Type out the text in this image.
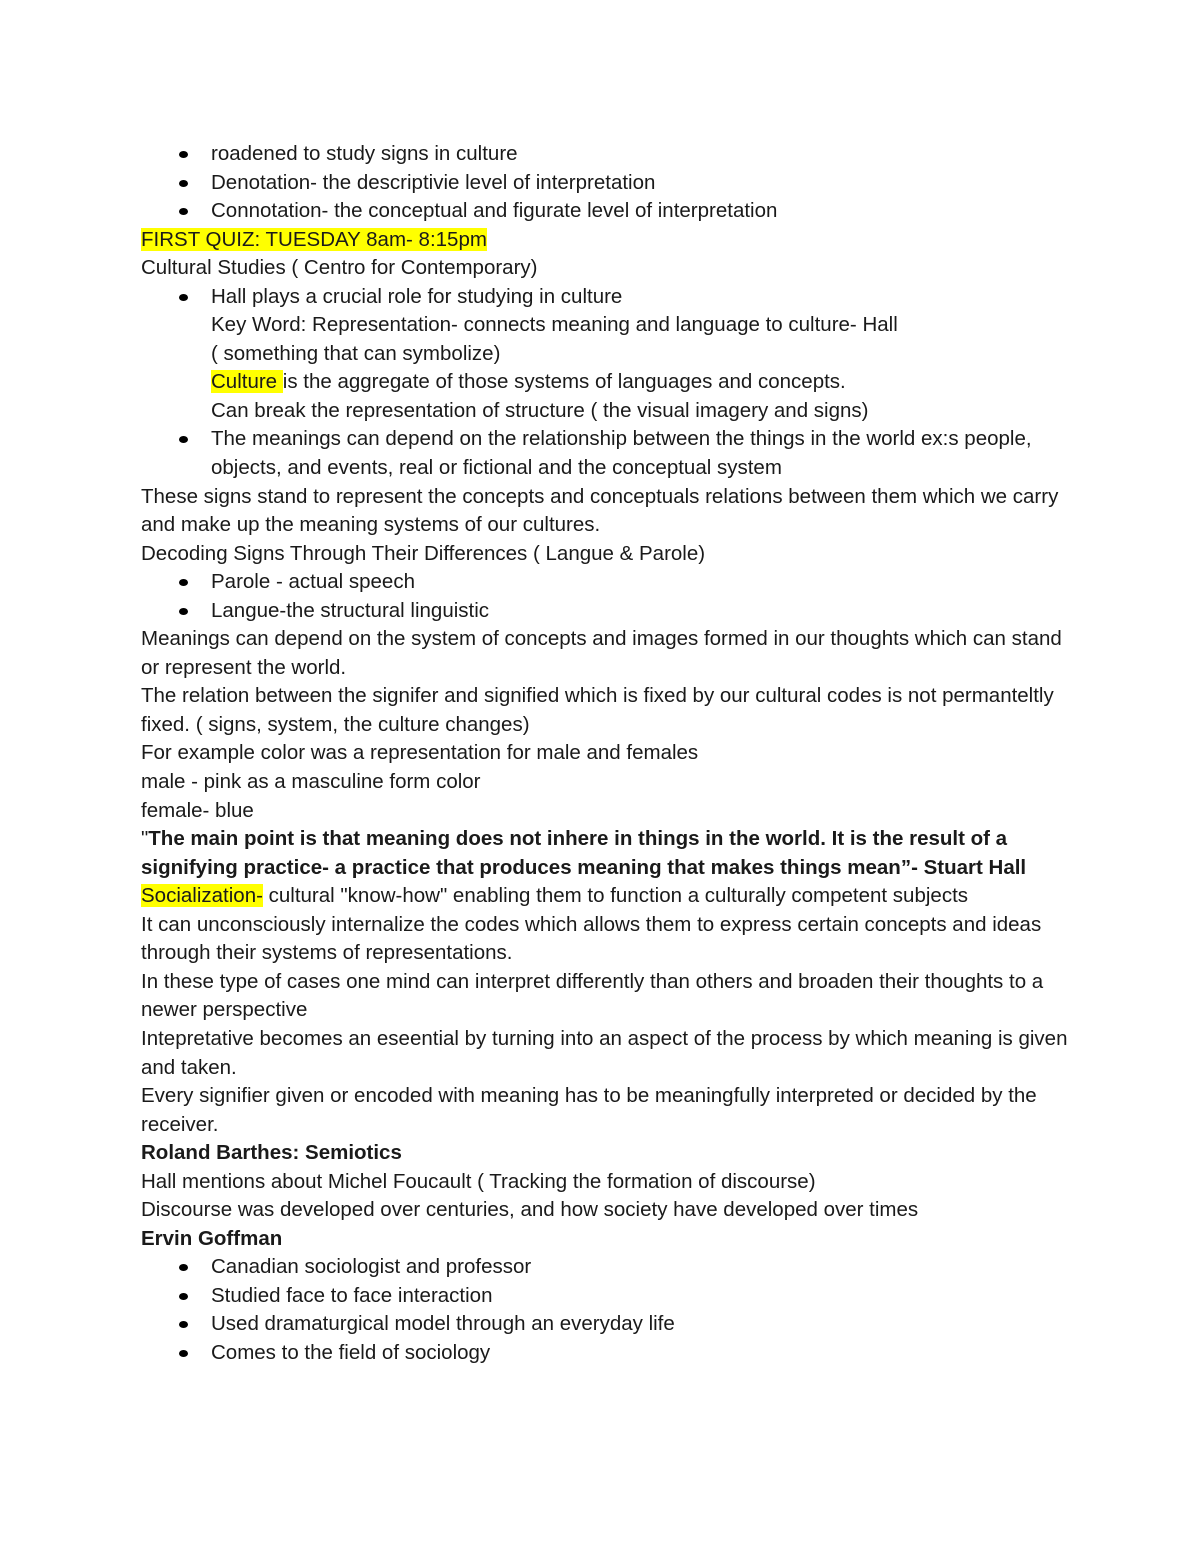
roadened to study signs in culture
Denotation- the descriptivie level of interpretation
Connotation- the conceptual and figurate level of interpretation
FIRST QUIZ: TUESDAY 8am- 8:15pm
Cultural Studies ( Centro for Contemporary)
Hall plays a crucial role for studying in culture
Key Word: Representation- connects meaning and language to culture- Hall
( something that can symbolize)
Culture is the aggregate of those systems of languages and concepts.
Can break the representation of structure ( the visual imagery and signs)
The meanings can depend on the relationship between the things in the world ex:s people, objects, and events, real or fictional and the conceptual system
These signs stand to represent the concepts and conceptuals relations between them which we carry and make up the meaning systems of our cultures.
Decoding Signs Through Their Differences ( Langue & Parole)
Parole - actual speech
Langue-the structural linguistic
Meanings can depend on the system of concepts and images formed in our thoughts which can stand or represent the world.
The relation between the signifer and signified which is fixed by our cultural codes is not permanteltly fixed. ( signs, system, the culture changes)
For example color was a representation for male and females
male - pink as a masculine form color
female- blue
"The main point is that meaning does not inhere in things in the world. It is the result of a signifying practice- a practice that produces meaning that makes things mean”- Stuart Hall
Socialization- cultural "know-how" enabling them to function a culturally competent subjects
It can unconsciously internalize the codes which allows them to express certain concepts and ideas through their systems of representations.
In these type of cases one mind can interpret differently than others and broaden their thoughts to a newer perspective
Intepretative becomes an eseential by turning into an aspect of the process by which meaning is given and taken.
Every signifier given or encoded with meaning has to be meaningfully interpreted or decided by the receiver.
Roland Barthes: Semiotics
Hall mentions about Michel Foucault ( Tracking the formation of discourse)
Discourse was developed over centuries, and how society have developed over times
Ervin Goffman
Canadian sociologist and professor
Studied face to face interaction
Used dramaturgical model through an everyday life
Comes to the field of sociology
